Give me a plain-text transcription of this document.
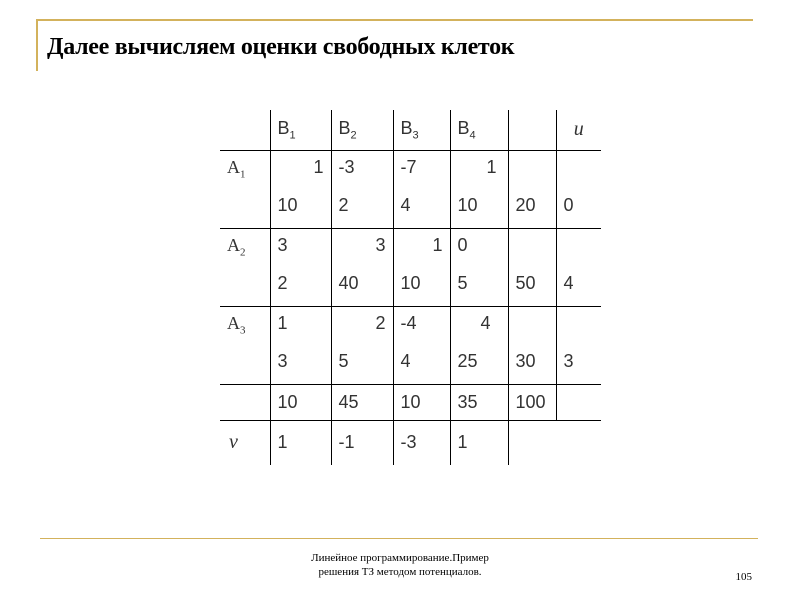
Далее вычисляем оценки свободных клеток
	$B_1$	$B_2$	$B_3$	$B_4$		u
$A_1$	1	-3	-7	1		
	10	2	4	10	20	0
$A_2$	3	3	1	0		
	2	40	10	5	50	4
$A_3$	1	2	-4	4		
	3	5	4	25	30	3
	10	45	10	35	100	
v	1	-1	-3	1		
Линейное программирование.Пример
решения ТЗ методом потенциалов.	105
